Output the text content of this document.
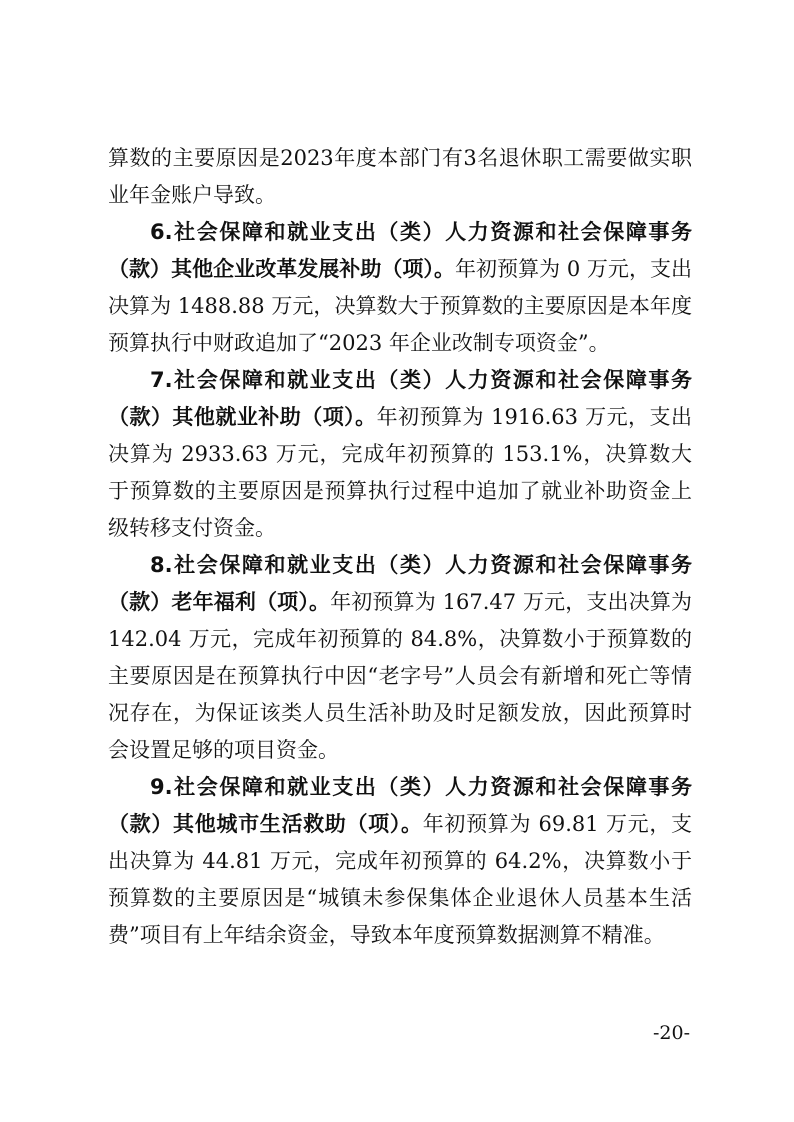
算数的主要原因是2023年度本部门有3名退休职工需要做实职业年金账户导致。

6.社会保障和就业支出（类）人力资源和社会保障事务（款）其他企业改革发展补助（项）。年初预算为 0 万元，支出决算为 1488.88 万元，决算数大于预算数的主要原因是本年度预算执行中财政追加了“2023 年企业改制专项资金”。

7.社会保障和就业支出（类）人力资源和社会保障事务（款）其他就业补助（项）。年初预算为 1916.63 万元，支出决算为 2933.63 万元，完成年初预算的 153.1%，决算数大于预算数的主要原因是预算执行过程中追加了就业补助资金上级转移支付资金。

8.社会保障和就业支出（类）人力资源和社会保障事务（款）老年福利（项）。年初预算为 167.47 万元，支出决算为 142.04 万元，完成年初预算的 84.8%，决算数小于预算数的主要原因是在预算执行中因“老字号”人员会有新增和死亡等情况存在，为保证该类人员生活补助及时足额发放，因此预算时会设置足够的项目资金。

9.社会保障和就业支出（类）人力资源和社会保障事务（款）其他城市生活救助（项）。年初预算为 69.81 万元，支出决算为 44.81 万元，完成年初预算的 64.2%，决算数小于预算数的主要原因是“城镇未参保集体企业退休人员基本生活费”项目有上年结余资金，导致本年度预算数据测算不精准。

-20-
